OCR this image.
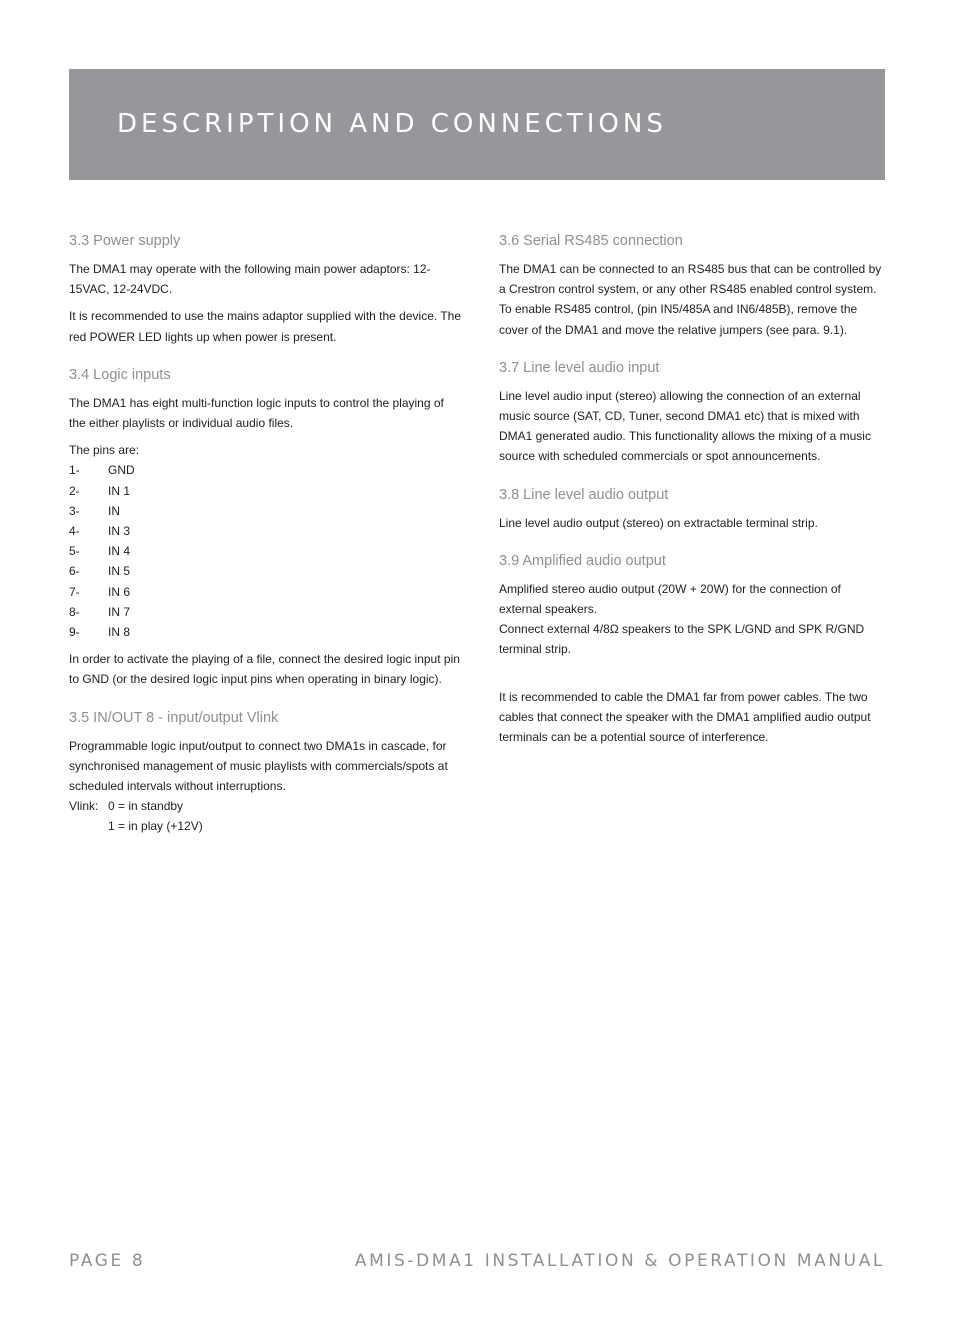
DESCRIPTION AND CONNECTIONS
3.3 Power supply

The DMA1 may operate with the following main power adaptors: 12-15VAC, 12-24VDC.

It is recommended to use the mains adaptor supplied with the device. The red POWER LED lights up when power is present.

3.4 Logic inputs

The DMA1 has eight multi-function logic inputs to control the playing of the either playlists or individual audio files.

The pins are:

1-	GND
2-	IN 1
3-	IN
4-	IN 3
5-	IN 4
6-	IN 5
7-	IN 6
8-	IN 7
9-	IN 8

In order to activate the playing of a file, connect the desired logic input pin to GND (or the desired logic input pins when operating in binary logic).

3.5 IN/OUT 8 - input/output Vlink

Programmable logic input/output to connect two DMA1s in cascade, for synchronised management of music playlists with commercials/spots at scheduled intervals without interruptions.

Vlink: 0 = in standby
1 = in play (+12V)
3.6 Serial RS485 connection

The DMA1 can be connected to an RS485 bus that can be controlled by a Crestron control system, or any other RS485 enabled control system. To enable RS485 control, (pin IN5/485A and IN6/485B), remove the cover of the DMA1 and move the relative jumpers (see para. 9.1).

3.7 Line level audio input

Line level audio input (stereo) allowing the connection of an external music source (SAT, CD, Tuner, second DMA1 etc) that is mixed with DMA1 generated audio. This functionality allows the mixing of a music source with scheduled commercials or spot announcements.

3.8 Line level audio output

Line level audio output (stereo) on extractable terminal strip.

3.9 Amplified audio output

Amplified stereo audio output (20W + 20W) for the connection of external speakers.

Connect external 4/8Ω speakers to the SPK L/GND and SPK R/GND terminal strip.

It is recommended to cable the DMA1 far from power cables. The two cables that connect the speaker with the DMA1 amplified audio output terminals can be a potential source of interference.

PAGE 8	AMIS-DMA1 INSTALLATION & OPERATION MANUAL
